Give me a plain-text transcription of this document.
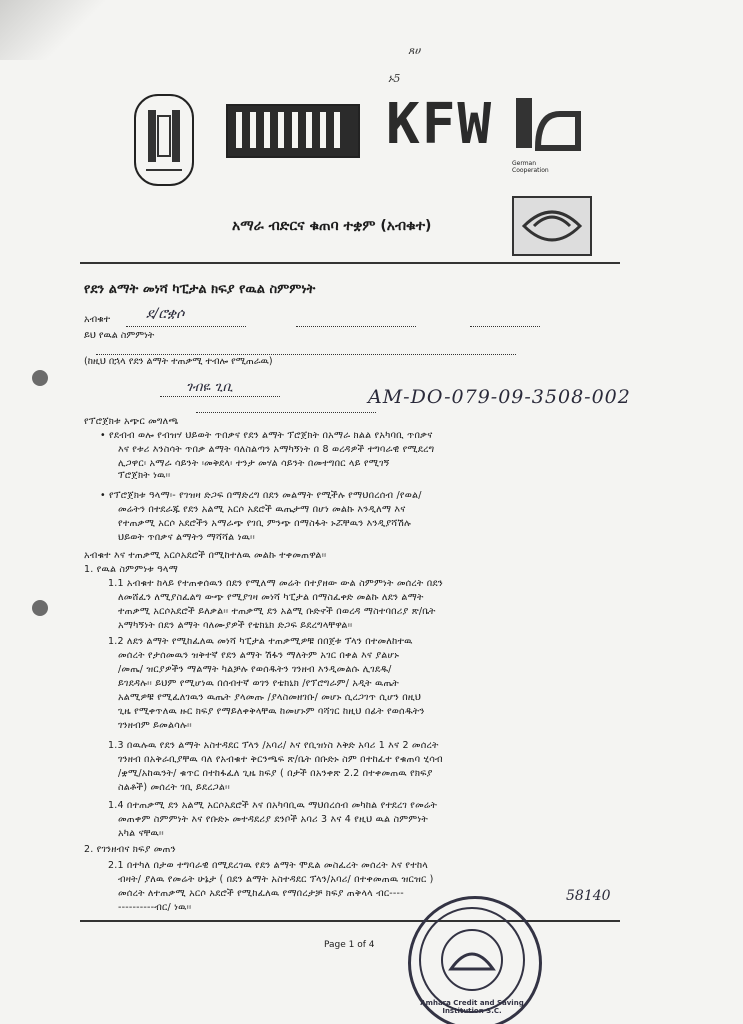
ጸሀ
ኑ5
KFW
German Cooperation
አማራ ብድርና ቁጠባ ተቋም (አብቁተ)
የደን ልማት መነሻ ካፒታል ክፍያ የዉል ስምምነት
አብቁተ	ደ/ሮቋሶ
ይህ የዉል ስምምነት
(ከዚህ በኋላ የደን ልማት ተጠቃሚ ተብሎ የሚጠራዉ)
ገብዬ ጊቢ	AM-DO-079-09-3508-002
የፕሮጀክቱ አጭር መግለጫ
• የደብብ ወሎ የብዝሃ ህይወት ጥበቃና የደን ልማት ፕሮጀክት በአማራ ክልል የአካባቢ ጥበቃና
እና የቱሪ እንስሳት ጥበቃ ልማት ባለስልጣን አማካኝነት በ 8 ወረዳዎች ተግባራዊ የሚደረግ
ሊጋዋር፡ አማራ ሳይንት ፡መቅደላ፡ ተንታ መሃል ሳይንት በመተግበር ላይ የሚገኝ
ፕሮጀክት ነዉ፡፡
• የፕሮጀክቱ ዓላማ፡- የገዝዛ ድጋፍ በማድረግ በደን መልማት የሚችሉ የማህበረሰብ /የወል/
መሬትን በተደራጁ የደን አልሚ አርሶ አደሮች ዉጤታማ በሆነ መልኩ እንዲለማ እና
የተጠቃሚ አርሶ አደሮችን አማራጭ የገቢ ምንጭ በማስፋት ኑሯቸዉን እንዲያሻሽሉ
ህይወት ጥበቃና ልማትን ማሻሻል ነዉ፡፡
አብቁተ እና ተጠቃሚ አርሶአደሮች በሚከተለዉ መልኩ ተቀመጠዋል፡፡
1. የዉል ስምምነቱ ዓላማ
1.1 አብቁተ ከላይ የተጠቀሰዉን በደን የሚለማ መሬት በተያዘው ውል ስምምነት መሰረት በደን
ለመሸፈን ለሚያስፈልግ ውጭ የሚያገዛ መነሻ ካፒታል በማስፈቀድ መልኩ ለደን ልማት
ተጠቃሚ አርሶአደሮች ይለቃል፡፡ ተጠቃሚ ደን አልሚ ቡድኖች በወረዳ ማስተባበሪያ ጽ/ቤት
አማካኝነት በደን ልማት ባለሙያዎች የቴክኒክ ድጋፍ ይደረግላቸዋል፡፡
1.2 ለደን ልማት የሚከፈለዉ መነሻ ካፒታል ተጠቃሚዎቹ በበጀቱ ፕላን በተመለከተዉ
መሰረት የታሰመዉን ዝቅተኛ የደን ልማት ሽፋን ማለትም አገር በቀል እና ያልሆኑ
/መጤ/ ዝርያዎችን ማልማት ካልቻሉ የወሰዱትን ገንዘብ እንዲመልሱ ሊገደዱ/
ይገደዳሉ፡፡ ይህም የሚሆነዉ በሰብተኛ ወገን የቴክኒክ /የፕሮግራም/ አዲት ዉጤት
አልሚዎቹ የሚፈለገዉን ዉጤት ያላመጡ /ያላስመዘገቡ/ መሆኑ ሲረጋገጥ ሲሆን በዚህ
ጊዜ የሚቀጥለዉ ዙር ክፍያ የማይለቀቅላቸዉ ከመሆኑም ባሻገር ከዚህ በፊት የወሰዱትን
ገንዘብም ይመልሳሉ፡፡
1.3 በዉሉዉ የደን ልማት አስተዳደር ፕላን /አባሪ/ እና የቢዝነስ እቅድ አባሪ 1 እና 2 መሰረት
ገንዘብ በአቅራቢያቸዉ ባለ የአብቁተ ቅርንጫፍ ጽ/ቤት በቡድኑ ስም በተከፈተ የቁጠባ ሂሳብ
/ቋሚ/አከዉንት/ ቁጥር በተከፋፈለ ጊዜ ክፍያ ( በታች በአንቀጽ 2.2 በተቀመጠዉ የክፍያ
ስልቶች) መሰረት ገቢ ይደረጋል፡፡
1.4 በተጠቃሚ ደን አልሚ አርሶአደሮች እና በአካባቢዉ ማህበረሰብ መካከል የተደረገ የመሬት
መጠቀም ስምምነት እና የቡድኑ መተዳደሪያ ደንቦች አባሪ 3 እና 4 የዚህ ዉል ስምምነት
አካል ናቸዉ፡፡
2. የገንዘብና ክፍያ መጠን
2.1 በተካለ በታወ ተግባራዊ በሚደረገዉ የደን ልማት ሞዴል መስፈረት መሰረት እና የተከላ
ብዛት/ ያለዉ የመሬት ሁኔታ ( በደን ልማት አስተዳደር ፕላን/አባሪ/ በተቀመጠዉ ዝርዝር )
መሰረት ለተጠቃሚ አርሶ አደሮች የሚከፈለዉ የማበረታቻ ክፍያ ጠቅላላ ብር----
----------ብር/ ነዉ፡፡
58140
Page 1 of 4
Amhara Credit and Saving Institution S.C.
